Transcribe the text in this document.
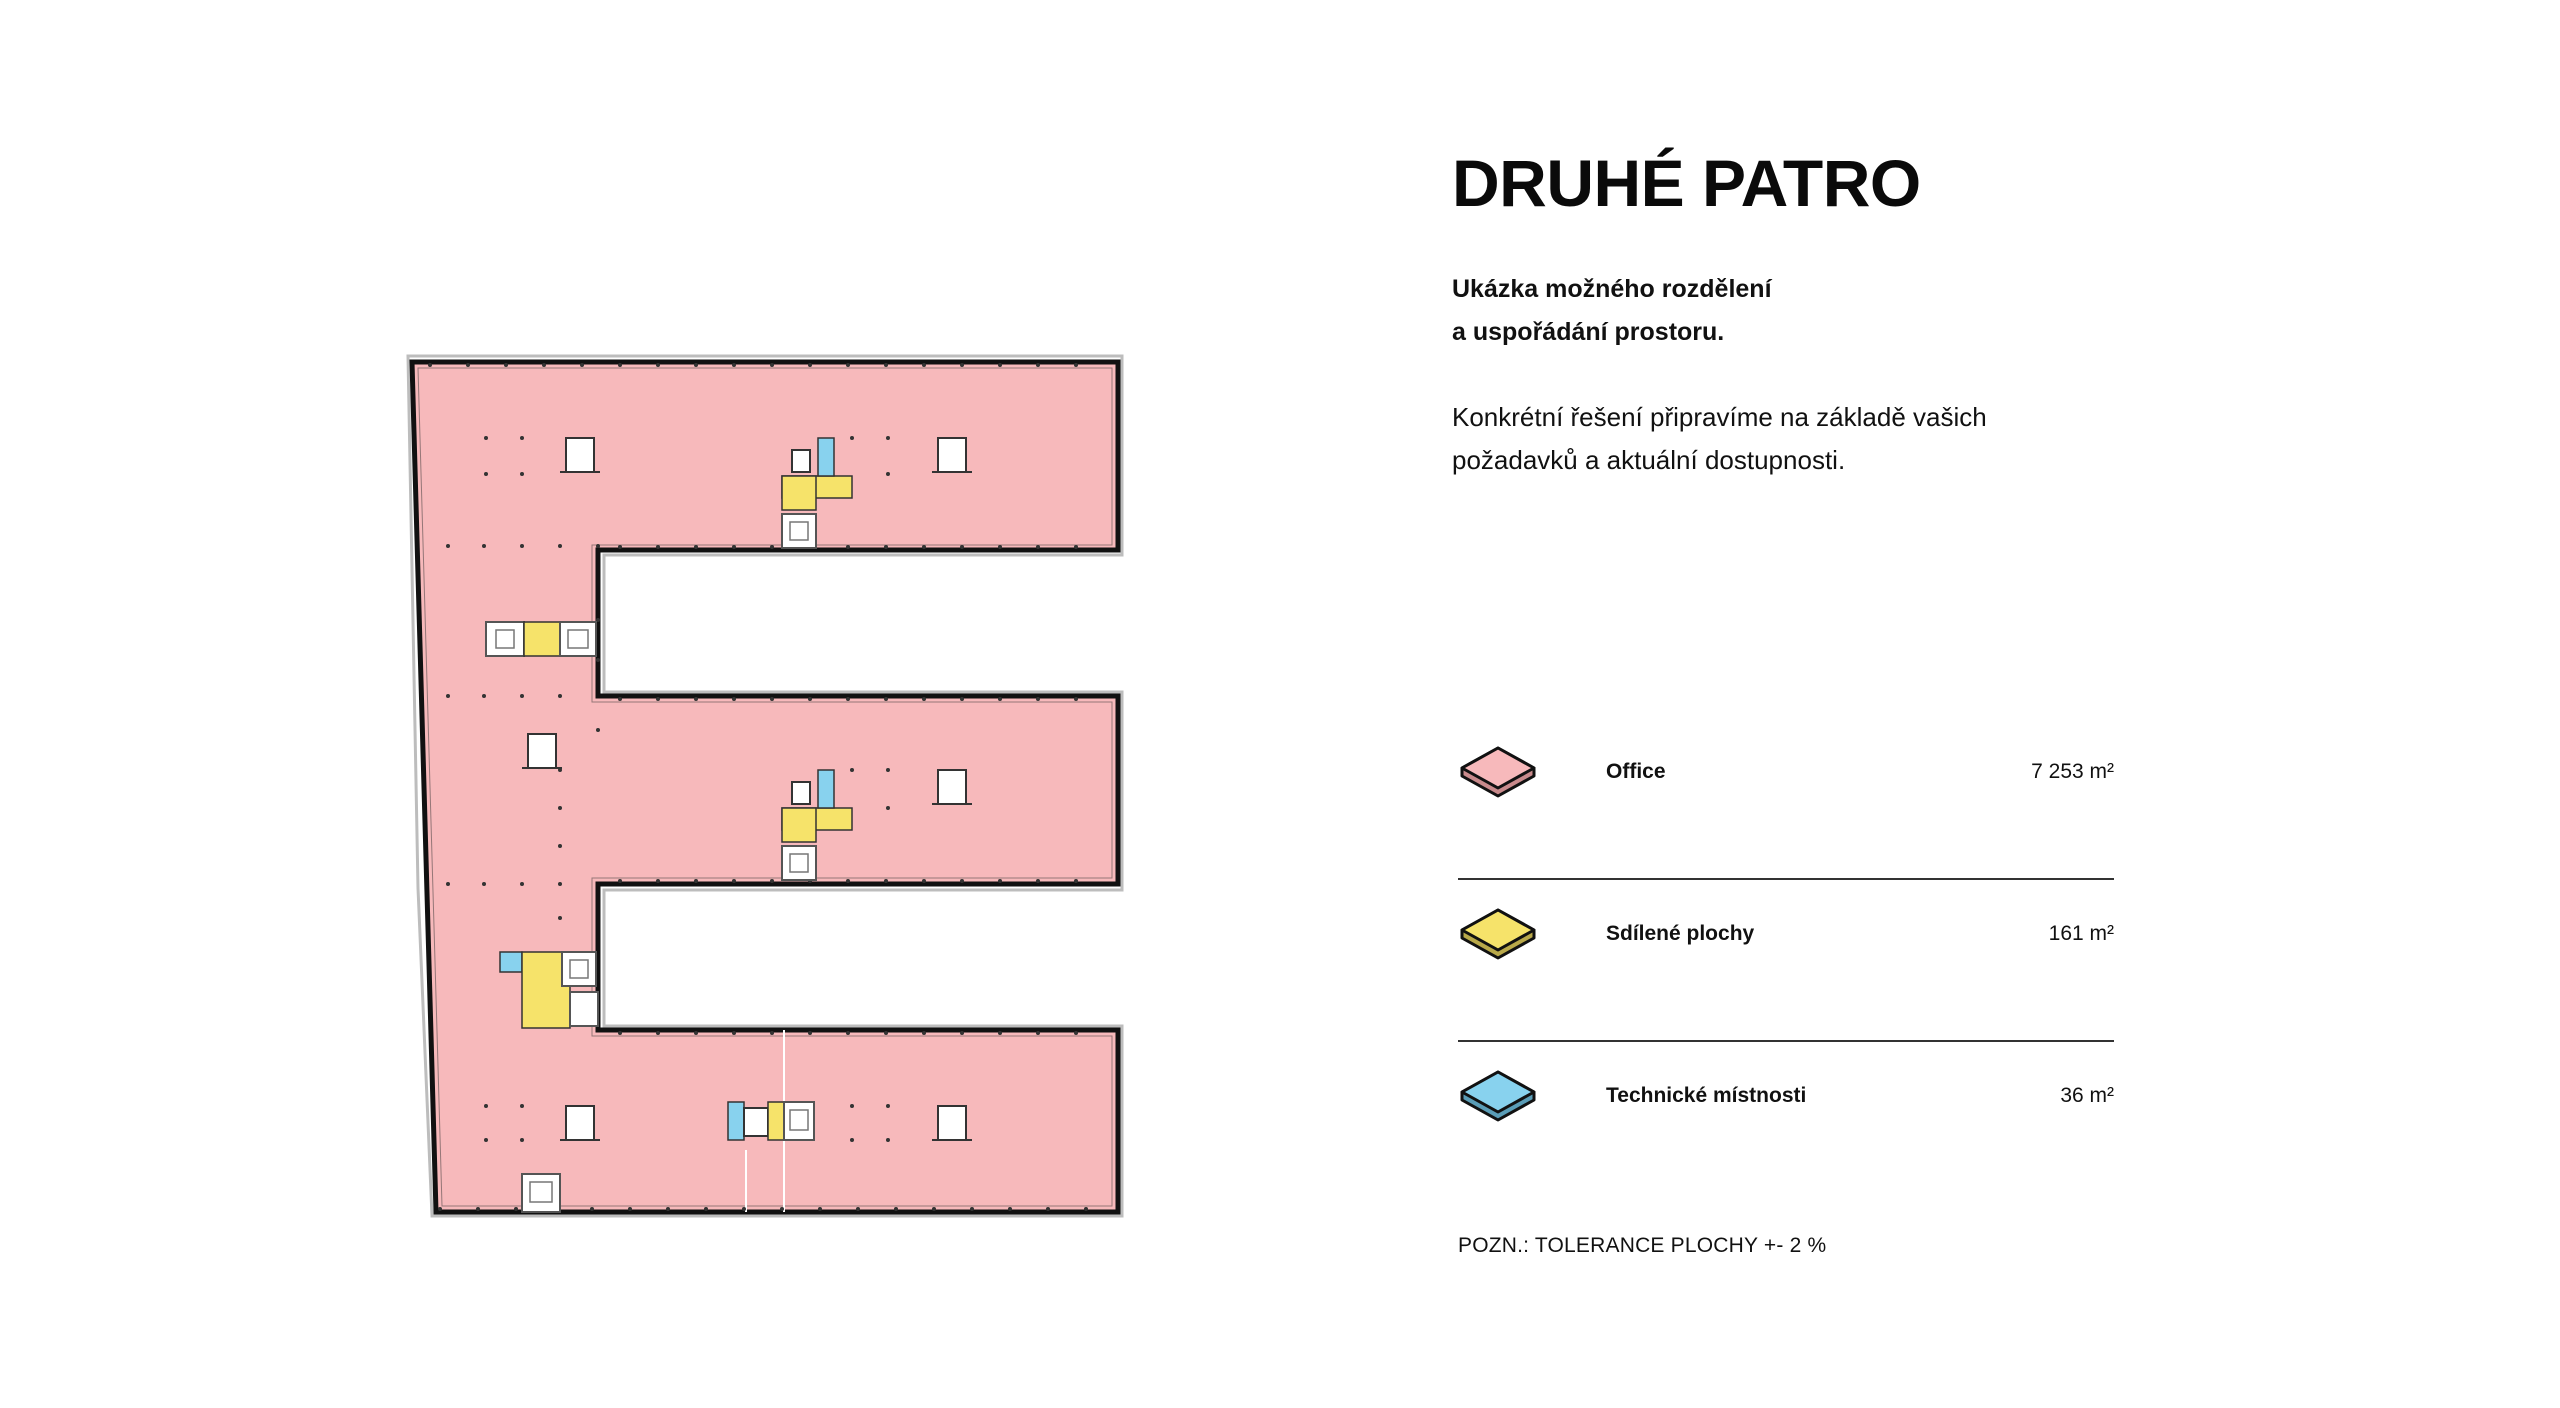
DRUHÉ PATRO
Ukázka možného rozdělení
a uspořádání prostoru.
Konkrétní řešení připravíme na základě vašich
požadavků a aktuální dostupnosti.
Office	7 253 m²
Sdílené plochy	161 m²
Technické místnosti	36 m²
POZN.: TOLERANCE PLOCHY +- 2 %
